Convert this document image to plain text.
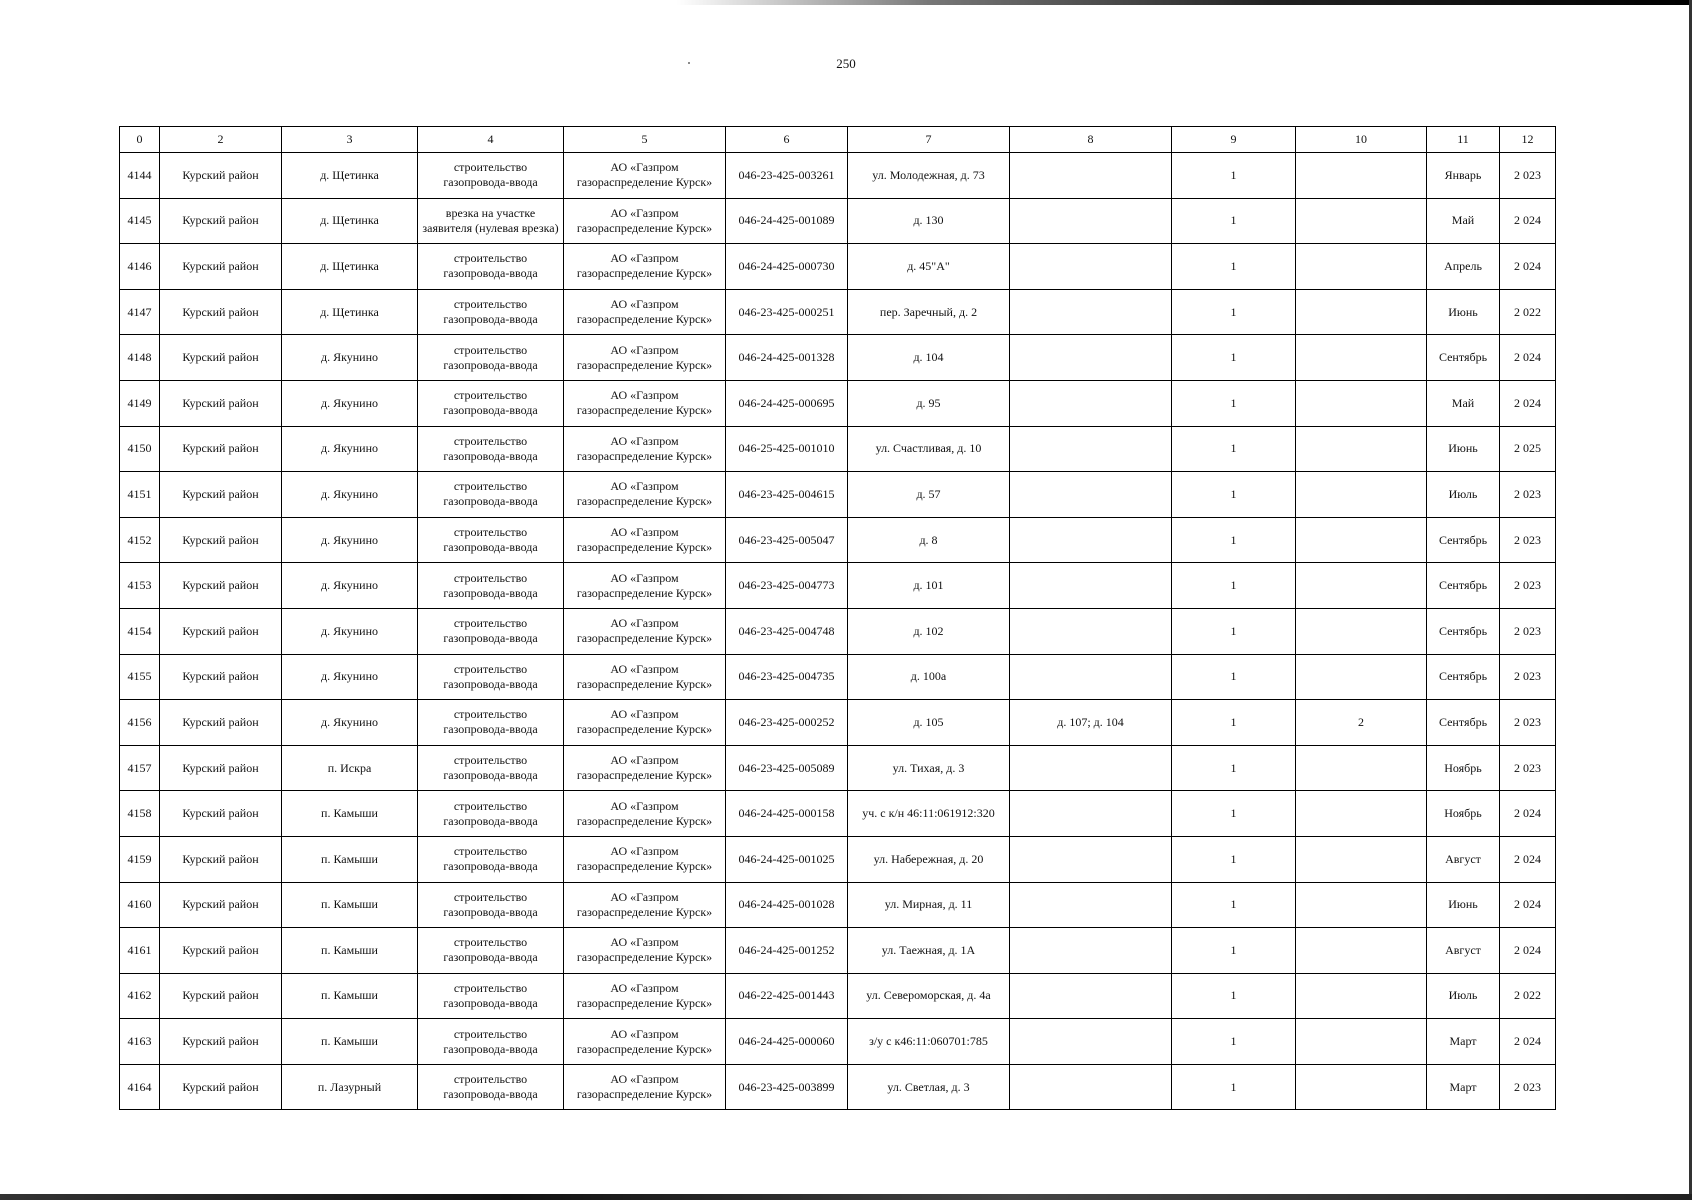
250
0	2	3	4	5	6	7	8	9	10	11	12
4144	Курский район	д. Щетинка	строительство газопровода-ввода	АО «Газпром газораспределение Курск»	046-23-425-003261	ул. Молодежная, д. 73		1		Январь	2 023
4145	Курский район	д. Щетинка	врезка на участке заявителя (нулевая врезка)	АО «Газпром газораспределение Курск»	046-24-425-001089	д. 130		1		Май	2 024
4146	Курский район	д. Щетинка	строительство газопровода-ввода	АО «Газпром газораспределение Курск»	046-24-425-000730	д. 45"А"		1		Апрель	2 024
4147	Курский район	д. Щетинка	строительство газопровода-ввода	АО «Газпром газораспределение Курск»	046-23-425-000251	пер. Заречный, д. 2		1		Июнь	2 022
4148	Курский район	д. Якунино	строительство газопровода-ввода	АО «Газпром газораспределение Курск»	046-24-425-001328	д. 104		1		Сентябрь	2 024
4149	Курский район	д. Якунино	строительство газопровода-ввода	АО «Газпром газораспределение Курск»	046-24-425-000695	д. 95		1		Май	2 024
4150	Курский район	д. Якунино	строительство газопровода-ввода	АО «Газпром газораспределение Курск»	046-25-425-001010	ул. Счастливая, д. 10		1		Июнь	2 025
4151	Курский район	д. Якунино	строительство газопровода-ввода	АО «Газпром газораспределение Курск»	046-23-425-004615	д. 57		1		Июль	2 023
4152	Курский район	д. Якунино	строительство газопровода-ввода	АО «Газпром газораспределение Курск»	046-23-425-005047	д. 8		1		Сентябрь	2 023
4153	Курский район	д. Якунино	строительство газопровода-ввода	АО «Газпром газораспределение Курск»	046-23-425-004773	д. 101		1		Сентябрь	2 023
4154	Курский район	д. Якунино	строительство газопровода-ввода	АО «Газпром газораспределение Курск»	046-23-425-004748	д. 102		1		Сентябрь	2 023
4155	Курский район	д. Якунино	строительство газопровода-ввода	АО «Газпром газораспределение Курск»	046-23-425-004735	д. 100а		1		Сентябрь	2 023
4156	Курский район	д. Якунино	строительство газопровода-ввода	АО «Газпром газораспределение Курск»	046-23-425-000252	д. 105	д. 107; д. 104	1	2	Сентябрь	2 023
4157	Курский район	п. Искра	строительство газопровода-ввода	АО «Газпром газораспределение Курск»	046-23-425-005089	ул. Тихая, д. 3		1		Ноябрь	2 023
4158	Курский район	п. Камыши	строительство газопровода-ввода	АО «Газпром газораспределение Курск»	046-24-425-000158	уч. с к/н 46:11:061912:320		1		Ноябрь	2 024
4159	Курский район	п. Камыши	строительство газопровода-ввода	АО «Газпром газораспределение Курск»	046-24-425-001025	ул. Набережная, д. 20		1		Август	2 024
4160	Курский район	п. Камыши	строительство газопровода-ввода	АО «Газпром газораспределение Курск»	046-24-425-001028	ул. Мирная, д. 11		1		Июнь	2 024
4161	Курский район	п. Камыши	строительство газопровода-ввода	АО «Газпром газораспределение Курск»	046-24-425-001252	ул. Таежная, д. 1А		1		Август	2 024
4162	Курский район	п. Камыши	строительство газопровода-ввода	АО «Газпром газораспределение Курск»	046-22-425-001443	ул. Североморская, д. 4а		1		Июль	2 022
4163	Курский район	п. Камыши	строительство газопровода-ввода	АО «Газпром газораспределение Курск»	046-24-425-000060	з/у с к46:11:060701:785		1		Март	2 024
4164	Курский район	п. Лазурный	строительство газопровода-ввода	АО «Газпром газораспределение Курск»	046-23-425-003899	ул. Светлая, д. 3		1		Март	2 023
